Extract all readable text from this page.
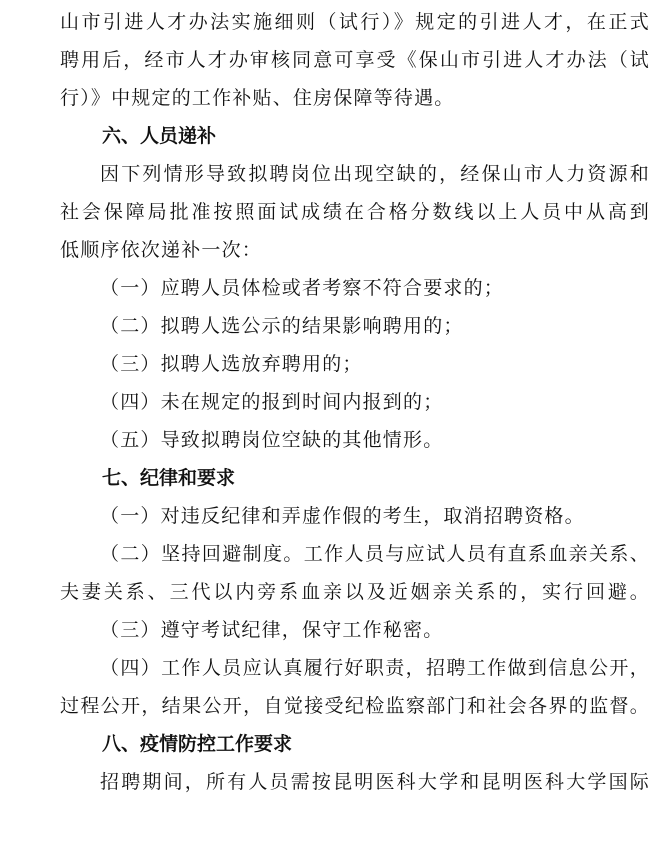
山市引进人才办法实施细则（试行）》规定的引进人才，在正式
聘用后，经市人才办审核同意可享受《保山市引进人才办法（试
行）》中规定的工作补贴、住房保障等待遇。
六、人员递补
因下列情形导致拟聘岗位出现空缺的，经保山市人力资源和
社会保障局批准按照面试成绩在合格分数线以上人员中从高到
低顺序依次递补一次：
（一）应聘人员体检或者考察不符合要求的；
（二）拟聘人选公示的结果影响聘用的；
（三）拟聘人选放弃聘用的；
（四）未在规定的报到时间内报到的；
（五）导致拟聘岗位空缺的其他情形。
七、纪律和要求
（一）对违反纪律和弄虚作假的考生，取消招聘资格。
（二）坚持回避制度。工作人员与应试人员有直系血亲关系、
夫妻关系、三代以内旁系血亲以及近姻亲关系的，实行回避。
（三）遵守考试纪律，保守工作秘密。
（四）工作人员应认真履行好职责，招聘工作做到信息公开，
过程公开，结果公开，自觉接受纪检监察部门和社会各界的监督。
八、疫情防控工作要求
招聘期间，所有人员需按昆明医科大学和昆明医科大学国际
